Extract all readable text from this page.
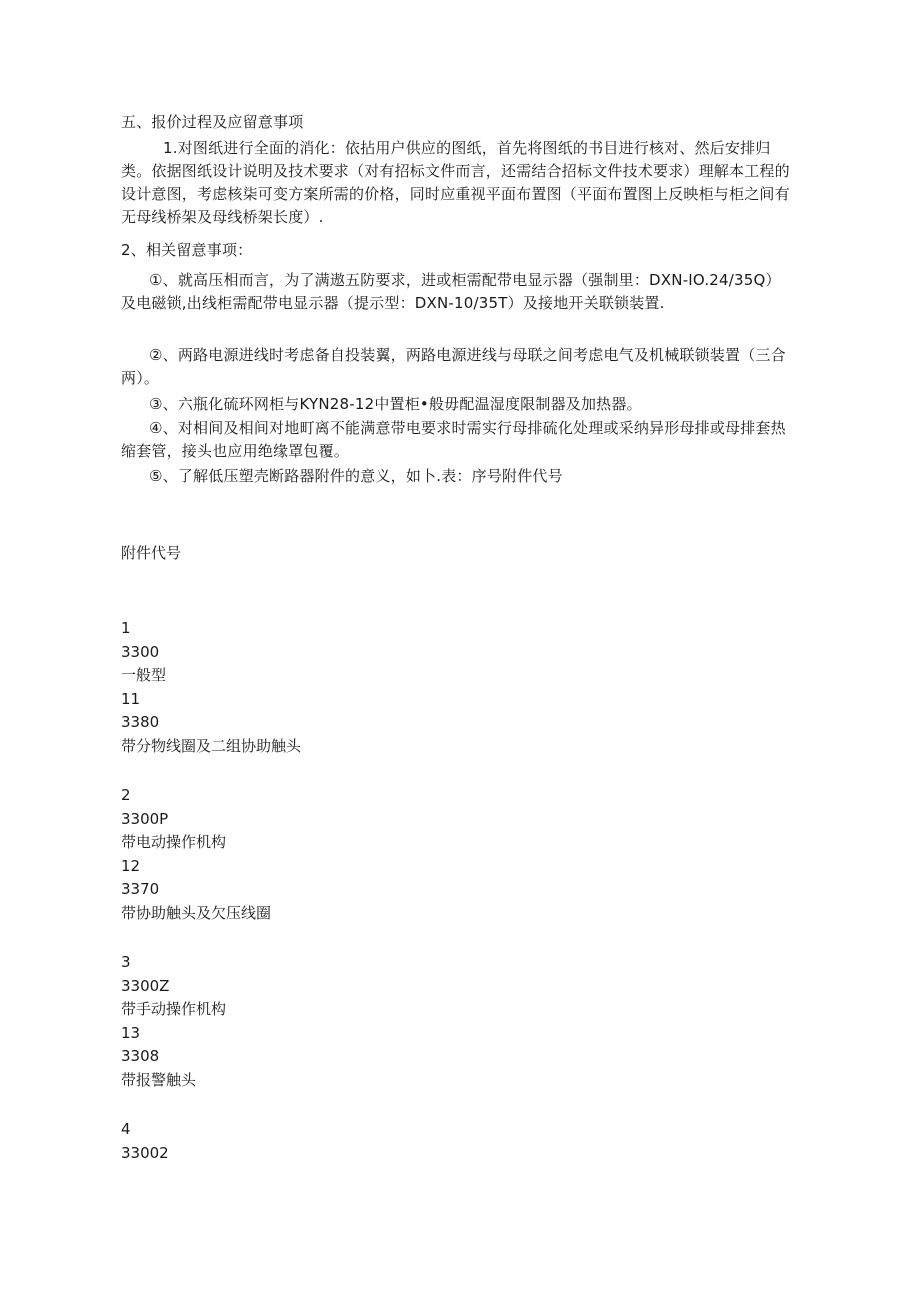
五、报价过程及应留意事项
1.对图纸进行全面的消化：依拈用户供应的图纸，首先将图纸的书目进行核对、然后安排归类。依据图纸设计说明及技术要求（对有招标文件而言，还需结合招标文件技术要求）理解本工程的设计意图，考虑核柒可变方案所需的价格，同时应重视平面布置图（平面布置图上反映柜与柜之间有无母线桥架及母线桥架长度）.
2、相关留意事项：
①、就高压相而言，为了满遨五防要求，进或柜需配带电显示器（强制里：DXN-IO.24/35Q）及电磁锁,出线柜需配带电显示器（提示型：DXN-10/35T）及接地开关联锁装置.
②、两路电源进线时考虑备自投装翼，两路电源进线与母联之间考虑电气及机械联锁装置（三合两）。
③、六瓶化硫环网柜与KYN28-12中置柜•般毋配温湿度限制器及加热器。
④、对相间及相间对地町离不能满意带电要求时需实行母排硫化处理或采纳异形母排或母排套热缩套管，接头也应用绝缘罩包覆。
⑤、了解低压塑壳断路器附件的意义，如卜.表：序号附件代号
附件代号
1
3300
一般型
11
3380
带分物线圈及二组协助触头
2
3300P
带电动操作机构
12
3370
带协助触头及欠压线圈
3
3300Z
带手动操作机构
13
3308
带报警触头
4
33002
